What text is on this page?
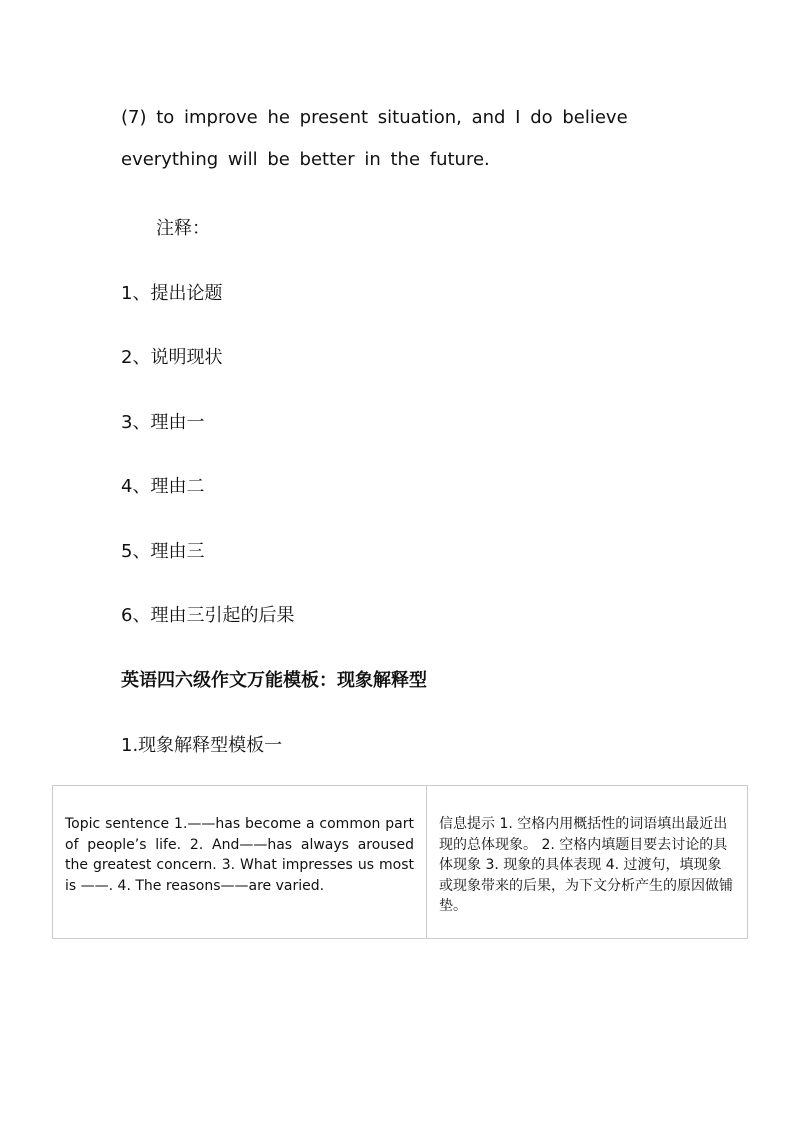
(7) to improve he present situation, and I do believe
everything will be better in the future.
注释：
1、提出论题
2、说明现状
3、理由一
4、理由二
5、理由三
6、理由三引起的后果
英语四六级作文万能模板：现象解释型
1.现象解释型模板一
Topic sentence 1.——has become a common part of people’s life. 2. And——has always aroused the greatest concern. 3. What impresses us most is ——. 4. The reasons——are varied.
信息提示 1. 空格内用概括性的词语填出最近出现的总体现象。 2. 空格内填题目要去讨论的具体现象 3. 现象的具体表现 4. 过渡句，填现象或现象带来的后果，为下文分析产生的原因做铺垫。
